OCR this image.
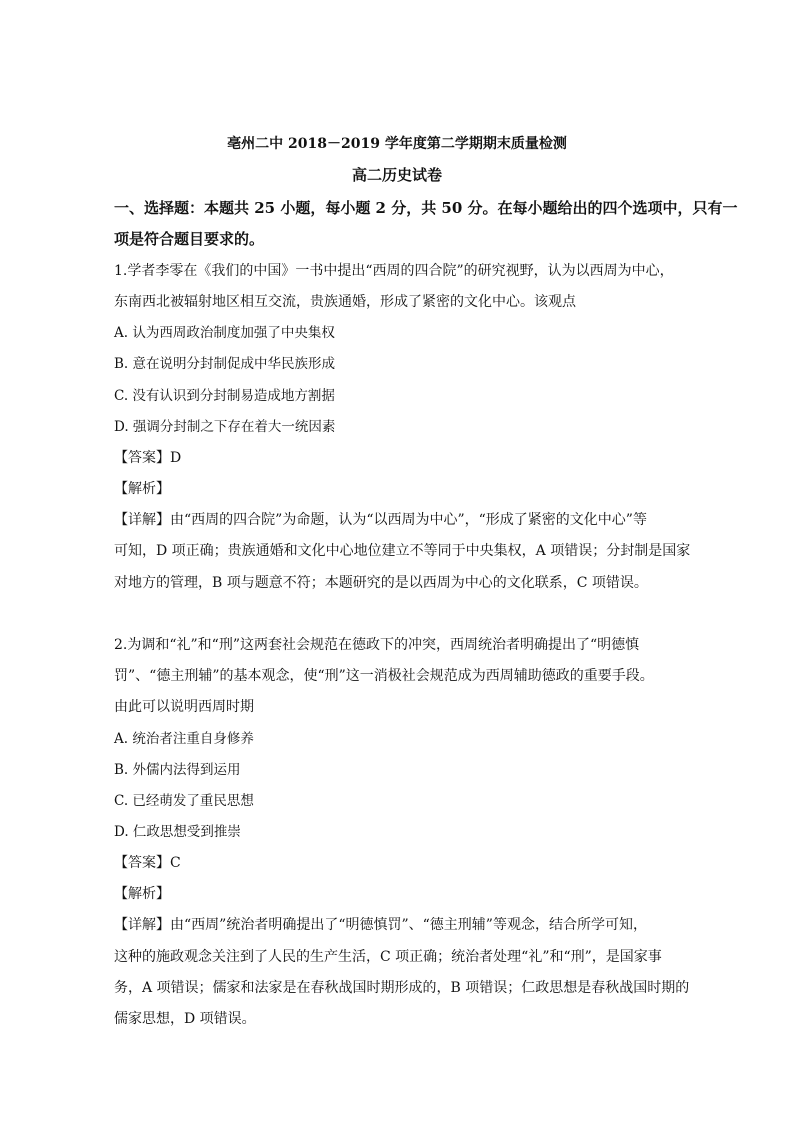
亳州二中 2018－2019 学年度第二学期期末质量检测
高二历史试卷
一、选择题：本题共 25 小题，每小题 2 分，共 50 分。在每小题给出的四个选项中，只有一
项是符合题目要求的。
1.学者李零在《我们的中国》一书中提出“西周的四合院”的研究视野，认为以西周为中心，
东南西北被辐射地区相互交流，贵族通婚，形成了紧密的文化中心。该观点
A. 认为西周政治制度加强了中央集权
B. 意在说明分封制促成中华民族形成
C. 没有认识到分封制易造成地方割据
D. 强调分封制之下存在着大一统因素
【答案】D
【解析】
【详解】由“西周的四合院”为命题，认为“以西周为中心”，“形成了紧密的文化中心”等
可知，D 项正确；贵族通婚和文化中心地位建立不等同于中央集权，A 项错误；分封制是国家
对地方的管理，B 项与题意不符；本题研究的是以西周为中心的文化联系，C 项错误。
2.为调和“礼”和“刑”这两套社会规范在德政下的冲突，西周统治者明确提出了“明德慎
罚”、“德主刑辅”的基本观念，使“刑”这一消极社会规范成为西周辅助德政的重要手段。
由此可以说明西周时期
A. 统治者注重自身修养
B. 外儒内法得到运用
C. 已经萌发了重民思想
D. 仁政思想受到推崇
【答案】C
【解析】
【详解】由“西周”统治者明确提出了“明德慎罚”、“德主刑辅”等观念，结合所学可知，
这种的施政观念关注到了人民的生产生活，C 项正确；统治者处理“礼”和“刑”，是国家事
务，A 项错误；儒家和法家是在春秋战国时期形成的，B 项错误；仁政思想是春秋战国时期的
儒家思想，D 项错误。
